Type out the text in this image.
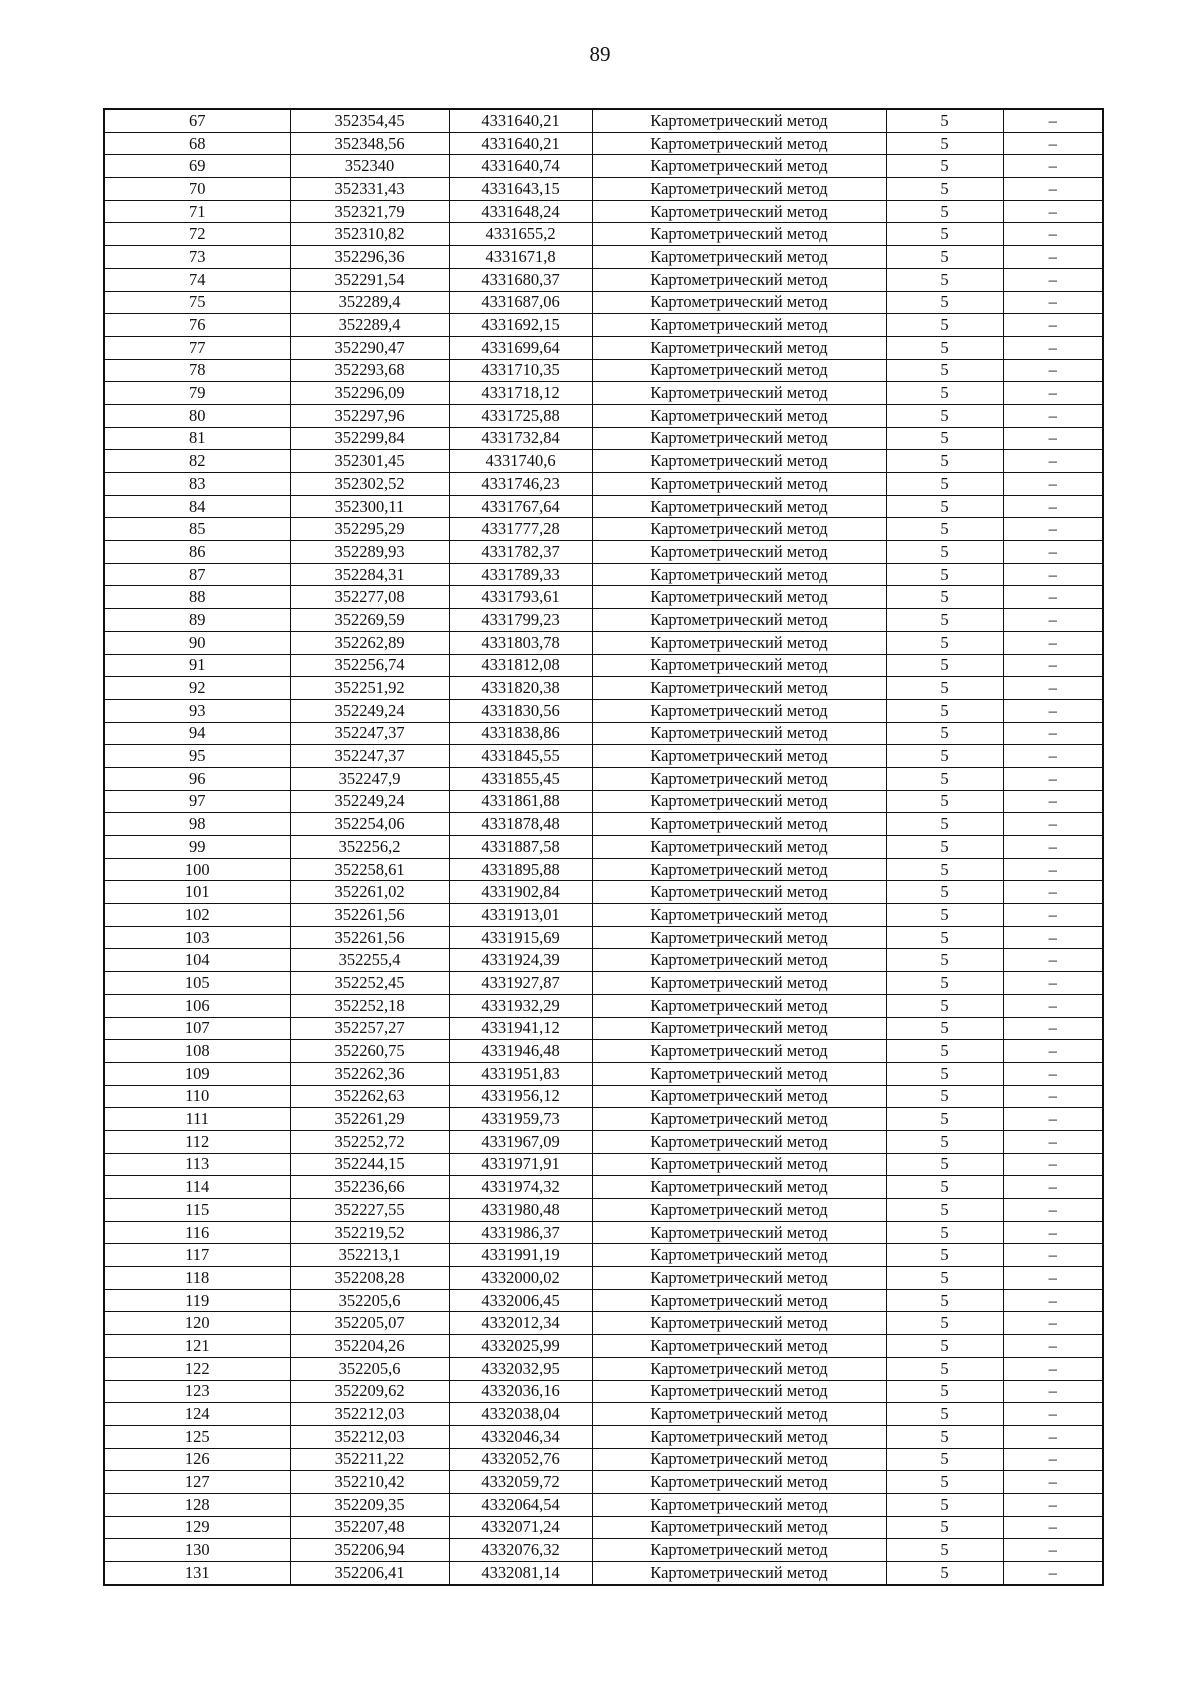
89
67	352354,45	4331640,21	Картометрический метод	5	–
68	352348,56	4331640,21	Картометрический метод	5	–
69	352340	4331640,74	Картометрический метод	5	–
70	352331,43	4331643,15	Картометрический метод	5	–
71	352321,79	4331648,24	Картометрический метод	5	–
72	352310,82	4331655,2	Картометрический метод	5	–
73	352296,36	4331671,8	Картометрический метод	5	–
74	352291,54	4331680,37	Картометрический метод	5	–
75	352289,4	4331687,06	Картометрический метод	5	–
76	352289,4	4331692,15	Картометрический метод	5	–
77	352290,47	4331699,64	Картометрический метод	5	–
78	352293,68	4331710,35	Картометрический метод	5	–
79	352296,09	4331718,12	Картометрический метод	5	–
80	352297,96	4331725,88	Картометрический метод	5	–
81	352299,84	4331732,84	Картометрический метод	5	–
82	352301,45	4331740,6	Картометрический метод	5	–
83	352302,52	4331746,23	Картометрический метод	5	–
84	352300,11	4331767,64	Картометрический метод	5	–
85	352295,29	4331777,28	Картометрический метод	5	–
86	352289,93	4331782,37	Картометрический метод	5	–
87	352284,31	4331789,33	Картометрический метод	5	–
88	352277,08	4331793,61	Картометрический метод	5	–
89	352269,59	4331799,23	Картометрический метод	5	–
90	352262,89	4331803,78	Картометрический метод	5	–
91	352256,74	4331812,08	Картометрический метод	5	–
92	352251,92	4331820,38	Картометрический метод	5	–
93	352249,24	4331830,56	Картометрический метод	5	–
94	352247,37	4331838,86	Картометрический метод	5	–
95	352247,37	4331845,55	Картометрический метод	5	–
96	352247,9	4331855,45	Картометрический метод	5	–
97	352249,24	4331861,88	Картометрический метод	5	–
98	352254,06	4331878,48	Картометрический метод	5	–
99	352256,2	4331887,58	Картометрический метод	5	–
100	352258,61	4331895,88	Картометрический метод	5	–
101	352261,02	4331902,84	Картометрический метод	5	–
102	352261,56	4331913,01	Картометрический метод	5	–
103	352261,56	4331915,69	Картометрический метод	5	–
104	352255,4	4331924,39	Картометрический метод	5	–
105	352252,45	4331927,87	Картометрический метод	5	–
106	352252,18	4331932,29	Картометрический метод	5	–
107	352257,27	4331941,12	Картометрический метод	5	–
108	352260,75	4331946,48	Картометрический метод	5	–
109	352262,36	4331951,83	Картометрический метод	5	–
110	352262,63	4331956,12	Картометрический метод	5	–
111	352261,29	4331959,73	Картометрический метод	5	–
112	352252,72	4331967,09	Картометрический метод	5	–
113	352244,15	4331971,91	Картометрический метод	5	–
114	352236,66	4331974,32	Картометрический метод	5	–
115	352227,55	4331980,48	Картометрический метод	5	–
116	352219,52	4331986,37	Картометрический метод	5	–
117	352213,1	4331991,19	Картометрический метод	5	–
118	352208,28	4332000,02	Картометрический метод	5	–
119	352205,6	4332006,45	Картометрический метод	5	–
120	352205,07	4332012,34	Картометрический метод	5	–
121	352204,26	4332025,99	Картометрический метод	5	–
122	352205,6	4332032,95	Картометрический метод	5	–
123	352209,62	4332036,16	Картометрический метод	5	–
124	352212,03	4332038,04	Картометрический метод	5	–
125	352212,03	4332046,34	Картометрический метод	5	–
126	352211,22	4332052,76	Картометрический метод	5	–
127	352210,42	4332059,72	Картометрический метод	5	–
128	352209,35	4332064,54	Картометрический метод	5	–
129	352207,48	4332071,24	Картометрический метод	5	–
130	352206,94	4332076,32	Картометрический метод	5	–
131	352206,41	4332081,14	Картометрический метод	5	–
